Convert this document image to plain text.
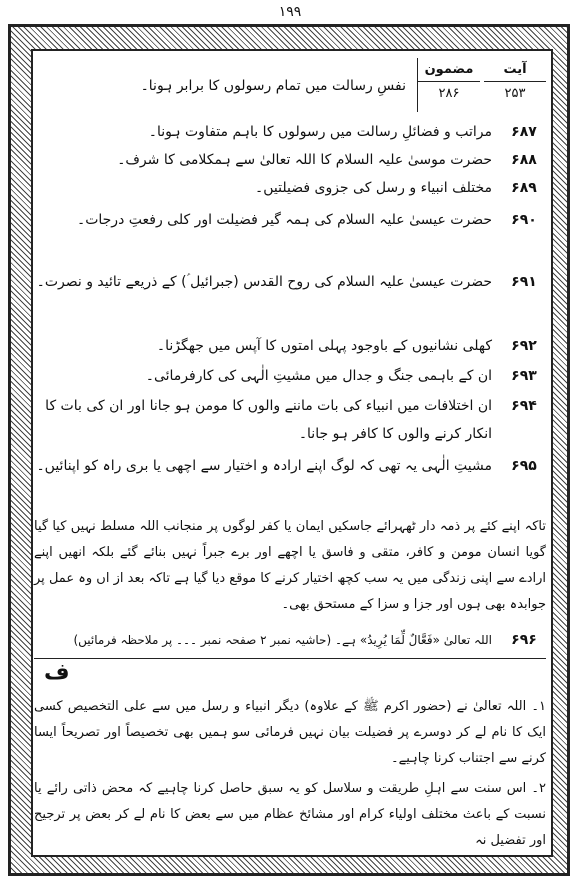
۱۹۹
آیت
۲۵۳
مضمون
۲۸۶
نفسِ رسالت میں تمام رسولوں کا برابر ہونا۔
۶۸۷
مراتب و فضائلِ رسالت میں رسولوں کا باہم متفاوت ہونا۔
۶۸۸
حضرت موسیٰ علیہ السلام کا اللہ تعالیٰ سے ہمکلامی کا شرف۔
۶۸۹
مختلف انبیاء و رسل کی جزوی فضیلتیں۔
۶۹۰
حضرت عیسیٰ علیہ السلام کی ہمہ گیر فضیلت اور کلی رفعتِ درجات۔
۶۹۱
حضرت عیسیٰ علیہ السلام کی روح القدس (جبرائیل ؑ) کے ذریعے تائید و نصرت۔
۶۹۲
کھلی نشانیوں کے باوجود پہلی امتوں کا آپس میں جھگڑنا۔
۶۹۳
ان کے باہمی جنگ و جدال میں مشیتِ الٰہی کی کارفرمائی۔
۶۹۴
ان اختلافات میں انبیاء کی بات ماننے والوں کا مومن ہو جانا اور ان کی بات کا انکار کرنے والوں کا کافر ہو جانا۔
۶۹۵
مشیتِ الٰہی یہ تھی کہ لوگ اپنے ارادہ و اختیار سے اچھی یا بری راہ کو اپنائیں۔
تاکہ اپنے کئے پر ذمہ دار ٹھہرائے جاسکیں ایمان یا کفر لوگوں پر منجانب اللہ مسلط نہیں کیا گیا گویا انسان مومن و کافر، متقی و فاسق یا اچھے اور برے جبراً نہیں بنائے گئے بلکہ انھیں اپنے ارادے سے اپنی زندگی میں یہ سب کچھ اختیار کرنے کا موقع دیا گیا ہے تاکہ بعد از اں وہ عمل پر جوابدہ بھی ہوں اور جزا و سزا کے مستحق بھی۔
۶۹۶
اللہ تعالیٰ «فَعَّالٌ لِّمَا يُرِيدُ» ہے۔ (حاشیہ نمبر ۲ صفحہ نمبر ۔۔۔ پر ملاحظہ فرمائیں)
ف
۱۔ اللہ تعالیٰ نے (حضور اکرم ﷺ کے علاوہ) دیگر انبیاء و رسل میں سے علی التخصیص کسی ایک کا نام لے کر دوسرے پر فضیلت بیان نہیں فرمائی سو ہمیں بھی تخصیصاً اور تصریحاً ایسا کرنے سے اجتناب کرنا چاہیے۔
۲۔ اس سنت سے اہلِ طریقت و سلاسل کو یہ سبق حاصل کرنا چاہیے کہ محض ذاتی رائے یا نسبت کے باعث مختلف اولیاء کرام اور مشائخ عظام میں سے بعض کا نام لے کر بعض پر ترجیح اور تفضیل نہ
